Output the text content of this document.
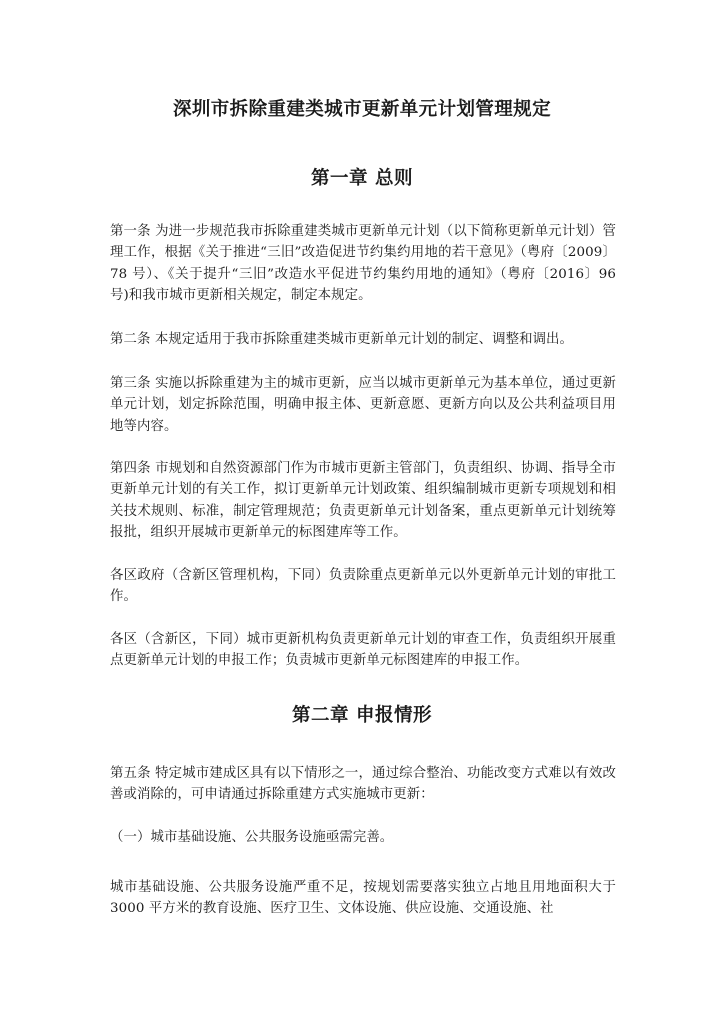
深圳市拆除重建类城市更新单元计划管理规定
第一章 总则
第一条 为进一步规范我市拆除重建类城市更新单元计划（以下简称更新单元计划）管理工作，根据《关于推进“三旧”改造促进节约集约用地的若干意见》（粤府〔2009〕78 号）、《关于提升“三旧”改造水平促进节约集约用地的通知》（粤府〔2016〕96 号)和我市城市更新相关规定，制定本规定。
第二条 本规定适用于我市拆除重建类城市更新单元计划的制定、调整和调出。
第三条 实施以拆除重建为主的城市更新，应当以城市更新单元为基本单位，通过更新单元计划，划定拆除范围，明确申报主体、更新意愿、更新方向以及公共利益项目用地等内容。
第四条 市规划和自然资源部门作为市城市更新主管部门，负责组织、协调、指导全市更新单元计划的有关工作，拟订更新单元计划政策、组织编制城市更新专项规划和相关技术规则、标准，制定管理规范；负责更新单元计划备案，重点更新单元计划统筹报批，组织开展城市更新单元的标图建库等工作。
各区政府（含新区管理机构，下同）负责除重点更新单元以外更新单元计划的审批工作。
各区（含新区，下同）城市更新机构负责更新单元计划的审查工作，负责组织开展重点更新单元计划的申报工作；负责城市更新单元标图建库的申报工作。
第二章 申报情形
第五条 特定城市建成区具有以下情形之一，通过综合整治、功能改变方式难以有效改善或消除的，可申请通过拆除重建方式实施城市更新：
（一）城市基础设施、公共服务设施亟需完善。
城市基础设施、公共服务设施严重不足，按规划需要落实独立占地且用地面积大于 3000 平方米的教育设施、医疗卫生、文体设施、供应设施、交通设施、社
